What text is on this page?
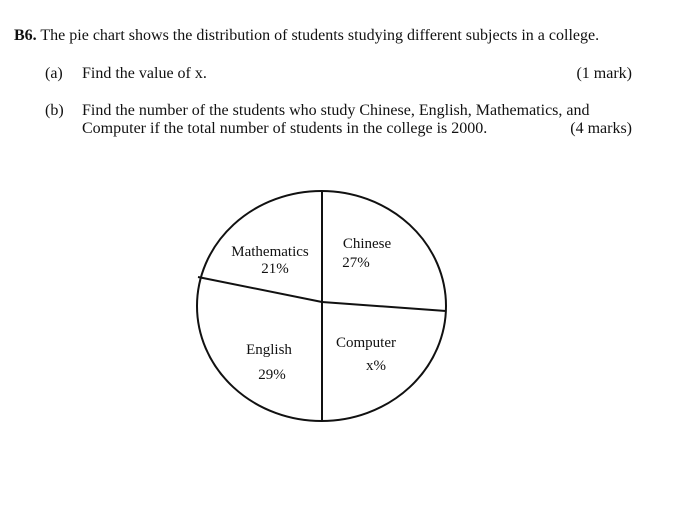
B6. The pie chart shows the distribution of students studying different subjects in a college.
(a) Find the value of x.	(1 mark)
(b) Find the number of the students who study Chinese, English, Mathematics, and
Computer if the total number of students in the college is 2000.	(4 marks)
Chinese
27%
Computer
x%
English
29%
Mathematics
21%
